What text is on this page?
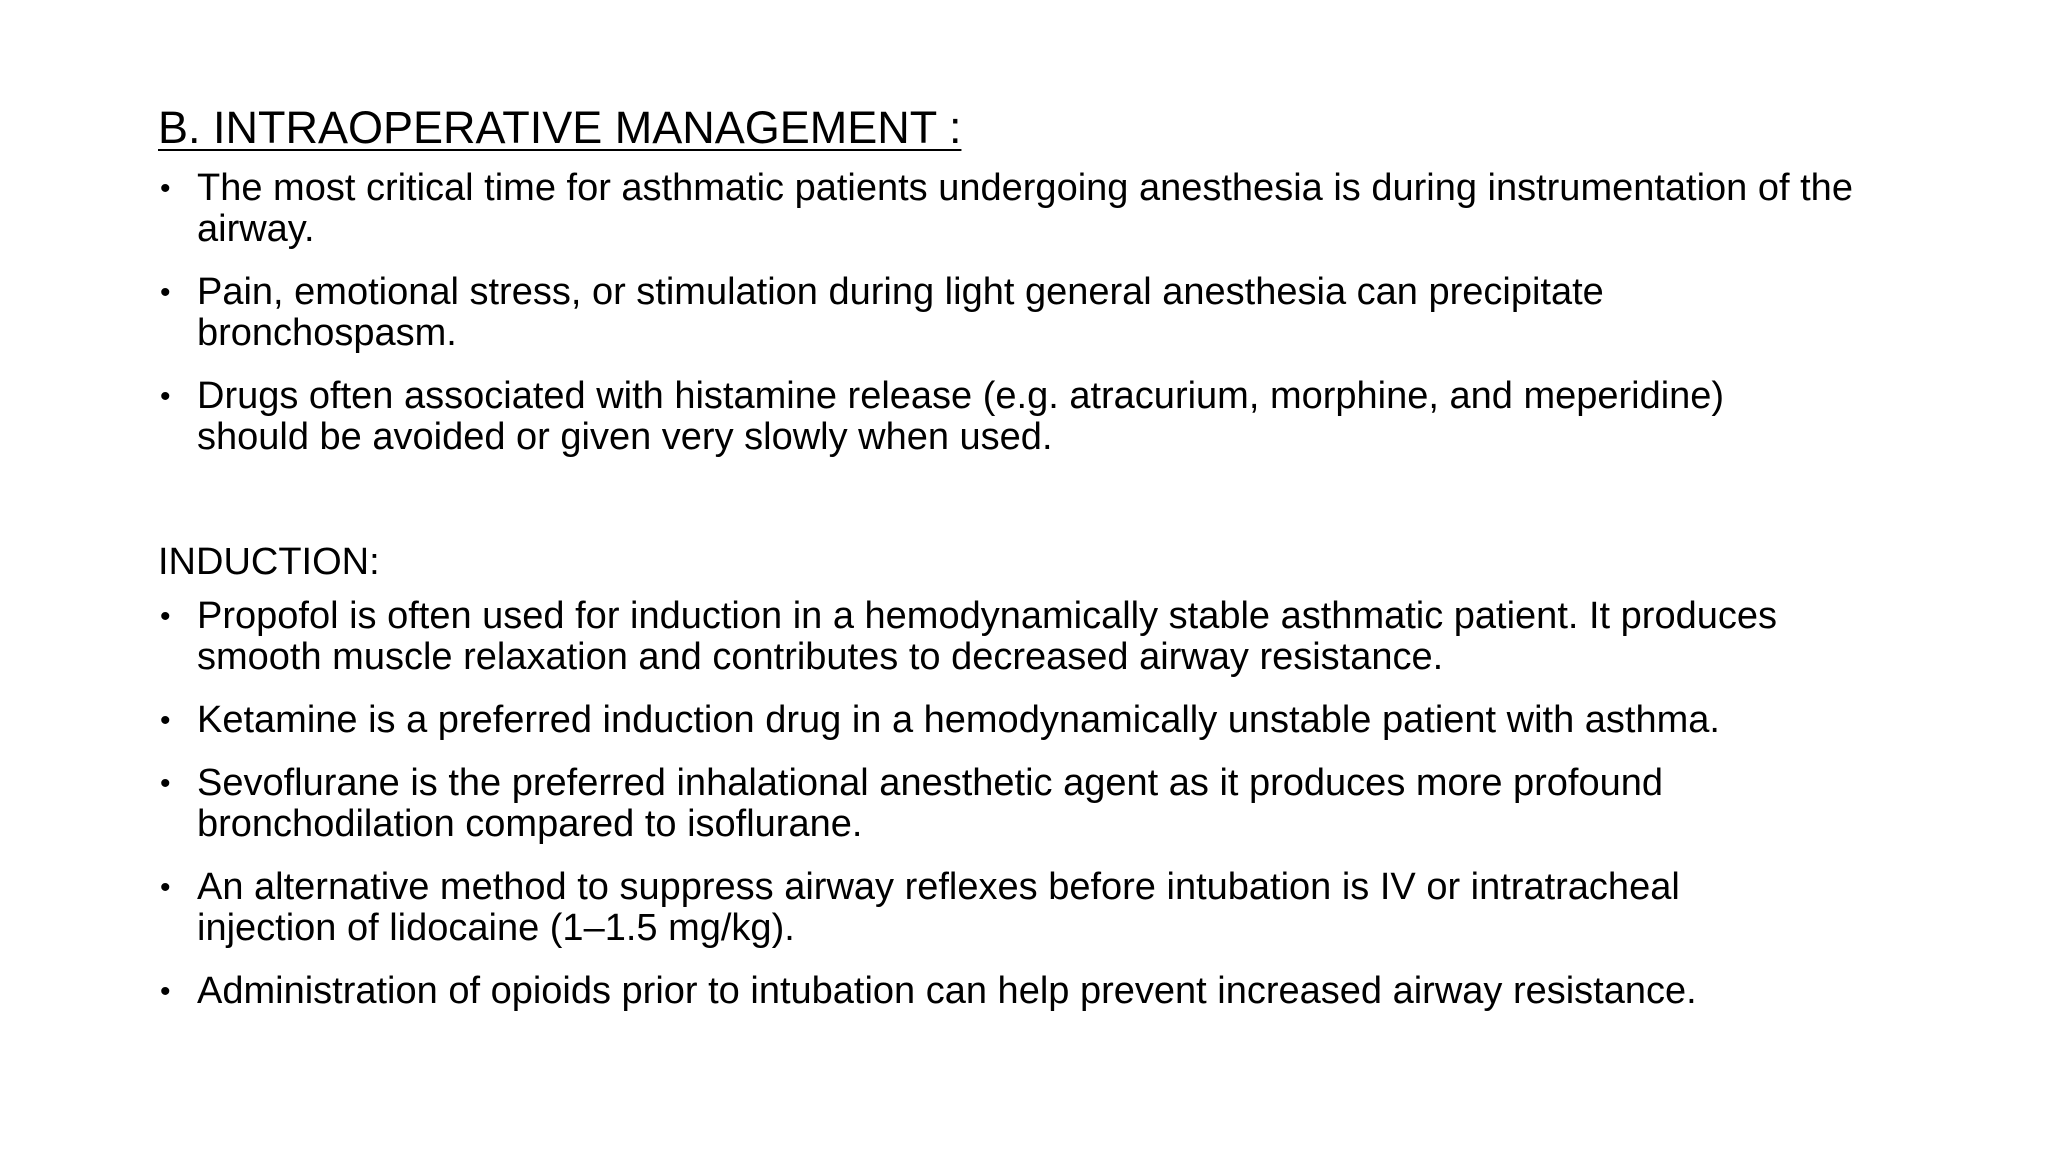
B. INTRAOPERATIVE MANAGEMENT :
• The most critical time for asthmatic patients undergoing anesthesia is during instrumentation of the airway.
• Pain, emotional stress, or stimulation during light general anesthesia can precipitate bronchospasm.
• Drugs often associated with histamine release (e.g. atracurium, morphine, and meperidine) should be avoided or given very slowly when used.
INDUCTION:
• Propofol is often used for induction in a hemodynamically stable asthmatic patient. It produces smooth muscle relaxation and contributes to decreased airway resistance.
• Ketamine is a preferred induction drug in a hemodynamically unstable patient with asthma.
• Sevoflurane is the preferred inhalational anesthetic agent as it produces more profound bronchodilation compared to isoflurane.
• An alternative method to suppress airway reflexes before intubation is IV or intratracheal injection of lidocaine (1–1.5 mg/kg).
• Administration of opioids prior to intubation can help prevent increased airway resistance.
